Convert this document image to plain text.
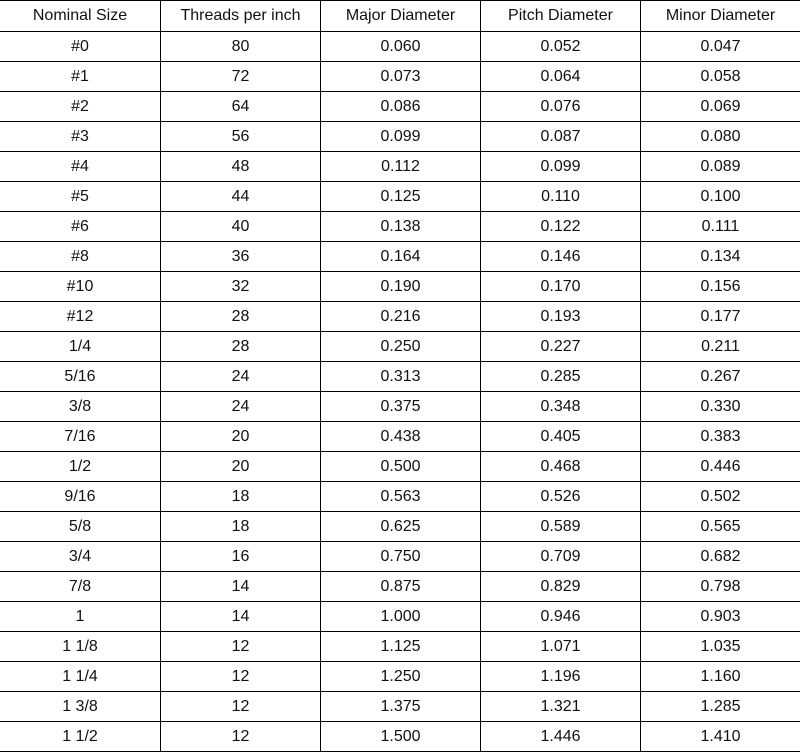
Nominal Size	Threads per inch	Major Diameter	Pitch Diameter	Minor Diameter
#0	80	0.060	0.052	0.047
#1	72	0.073	0.064	0.058
#2	64	0.086	0.076	0.069
#3	56	0.099	0.087	0.080
#4	48	0.112	0.099	0.089
#5	44	0.125	0.110	0.100
#6	40	0.138	0.122	0.111
#8	36	0.164	0.146	0.134
#10	32	0.190	0.170	0.156
#12	28	0.216	0.193	0.177
1/4	28	0.250	0.227	0.211
5/16	24	0.313	0.285	0.267
3/8	24	0.375	0.348	0.330
7/16	20	0.438	0.405	0.383
1/2	20	0.500	0.468	0.446
9/16	18	0.563	0.526	0.502
5/8	18	0.625	0.589	0.565
3/4	16	0.750	0.709	0.682
7/8	14	0.875	0.829	0.798
1	14	1.000	0.946	0.903
1 1/8	12	1.125	1.071	1.035
1 1/4	12	1.250	1.196	1.160
1 3/8	12	1.375	1.321	1.285
1 1/2	12	1.500	1.446	1.410
